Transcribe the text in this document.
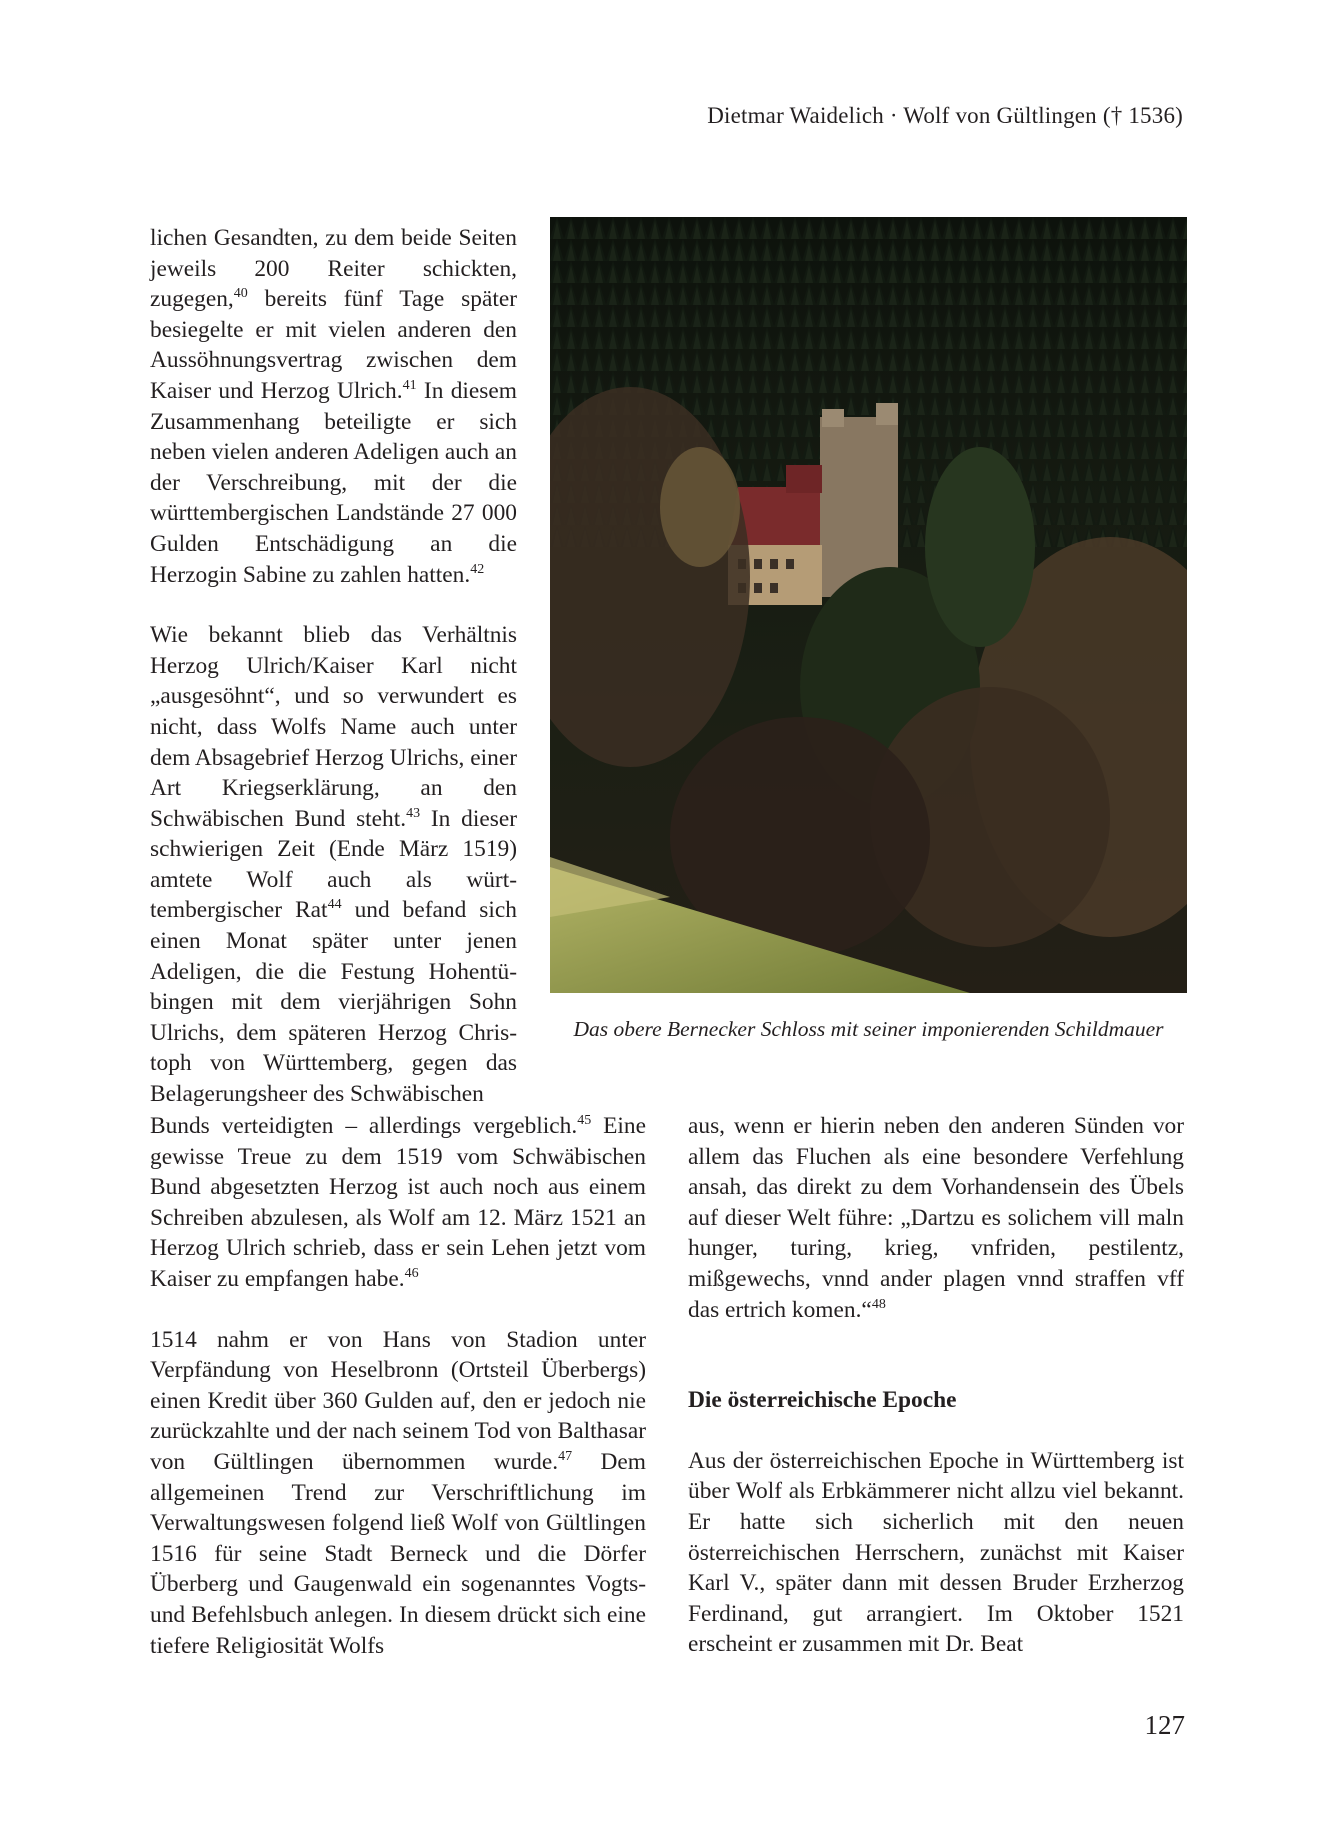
Dietmar Waidelich · Wolf von Gültlingen († 1536)

lichen Gesandten, zu dem beide Seiten jeweils 200 Reiter schickten, zugegen,$^{40}$ bereits fünf Tage später besiegelte er mit vielen anderen den Aussöhnungsvertrag zwischen dem Kaiser und Herzog Ulrich.$^{41}$ In diesem Zusammenhang beteiligte er sich neben vielen anderen Adeligen auch an der Verschreibung, mit der die württembergischen Landstände 27 000 Gulden Entschädigung an die Herzogin Sabine zu zahlen hatten.$^{42}$

Wie bekannt blieb das Verhältnis Herzog Ulrich/Kaiser Karl nicht „ausgesöhnt“, und so verwundert es nicht, dass Wolfs Name auch unter dem Absagebrief Herzog Ulrichs, einer Art Kriegserklärung, an den Schwäbischen Bund steht.$^{43}$ In dieser schwierigen Zeit (Ende März 1519) amtete Wolf auch als württembergischer Rat$^{44}$ und befand sich einen Monat später unter jenen Adeligen, die die Festung Hohentübingen mit dem vierjährigen Sohn Ulrichs, dem späteren Herzog Christoph von Württemberg, gegen das Belagerungsheer des Schwäbischen

Das obere Bernecker Schloss mit seiner imponierenden Schildmauer

Bunds verteidigten – allerdings vergeblich.$^{45}$ Eine gewisse Treue zu dem 1519 vom Schwäbischen Bund abgesetzten Herzog ist auch noch aus einem Schreiben abzulesen, als Wolf am 12. März 1521 an Herzog Ulrich schrieb, dass er sein Lehen jetzt vom Kaiser zu empfangen habe.$^{46}$

1514 nahm er von Hans von Stadion unter Verpfändung von Heselbronn (Ortsteil Überbergs) einen Kredit über 360 Gulden auf, den er jedoch nie zurückzahlte und der nach seinem Tod von Balthasar von Gültlingen übernommen wurde.$^{47}$ Dem allgemeinen Trend zur Verschriftlichung im Verwaltungswesen folgend ließ Wolf von Gültlingen 1516 für seine Stadt Berneck und die Dörfer Überberg und Gaugenwald ein sogenanntes Vogts- und Befehlsbuch anlegen. In diesem drückt sich eine tiefere Religiosität Wolfs

aus, wenn er hierin neben den anderen Sünden vor allem das Fluchen als eine besondere Verfehlung ansah, das direkt zu dem Vorhandensein des Übels auf dieser Welt führe: „Dartzu es solichem vill maln hunger, turing, krieg, vnfriden, pestilentz, mißgewechs, vnnd ander plagen vnnd straffen vff das ertrich komen.“$^{48}$

Die österreichische Epoche

Aus der österreichischen Epoche in Württemberg ist über Wolf als Erbkämmerer nicht allzu viel bekannt. Er hatte sich sicherlich mit den neuen österreichischen Herrschern, zunächst mit Kaiser Karl V., später dann mit dessen Bruder Erzherzog Ferdinand, gut arrangiert. Im Oktober 1521 erscheint er zusammen mit Dr. Beat

127
